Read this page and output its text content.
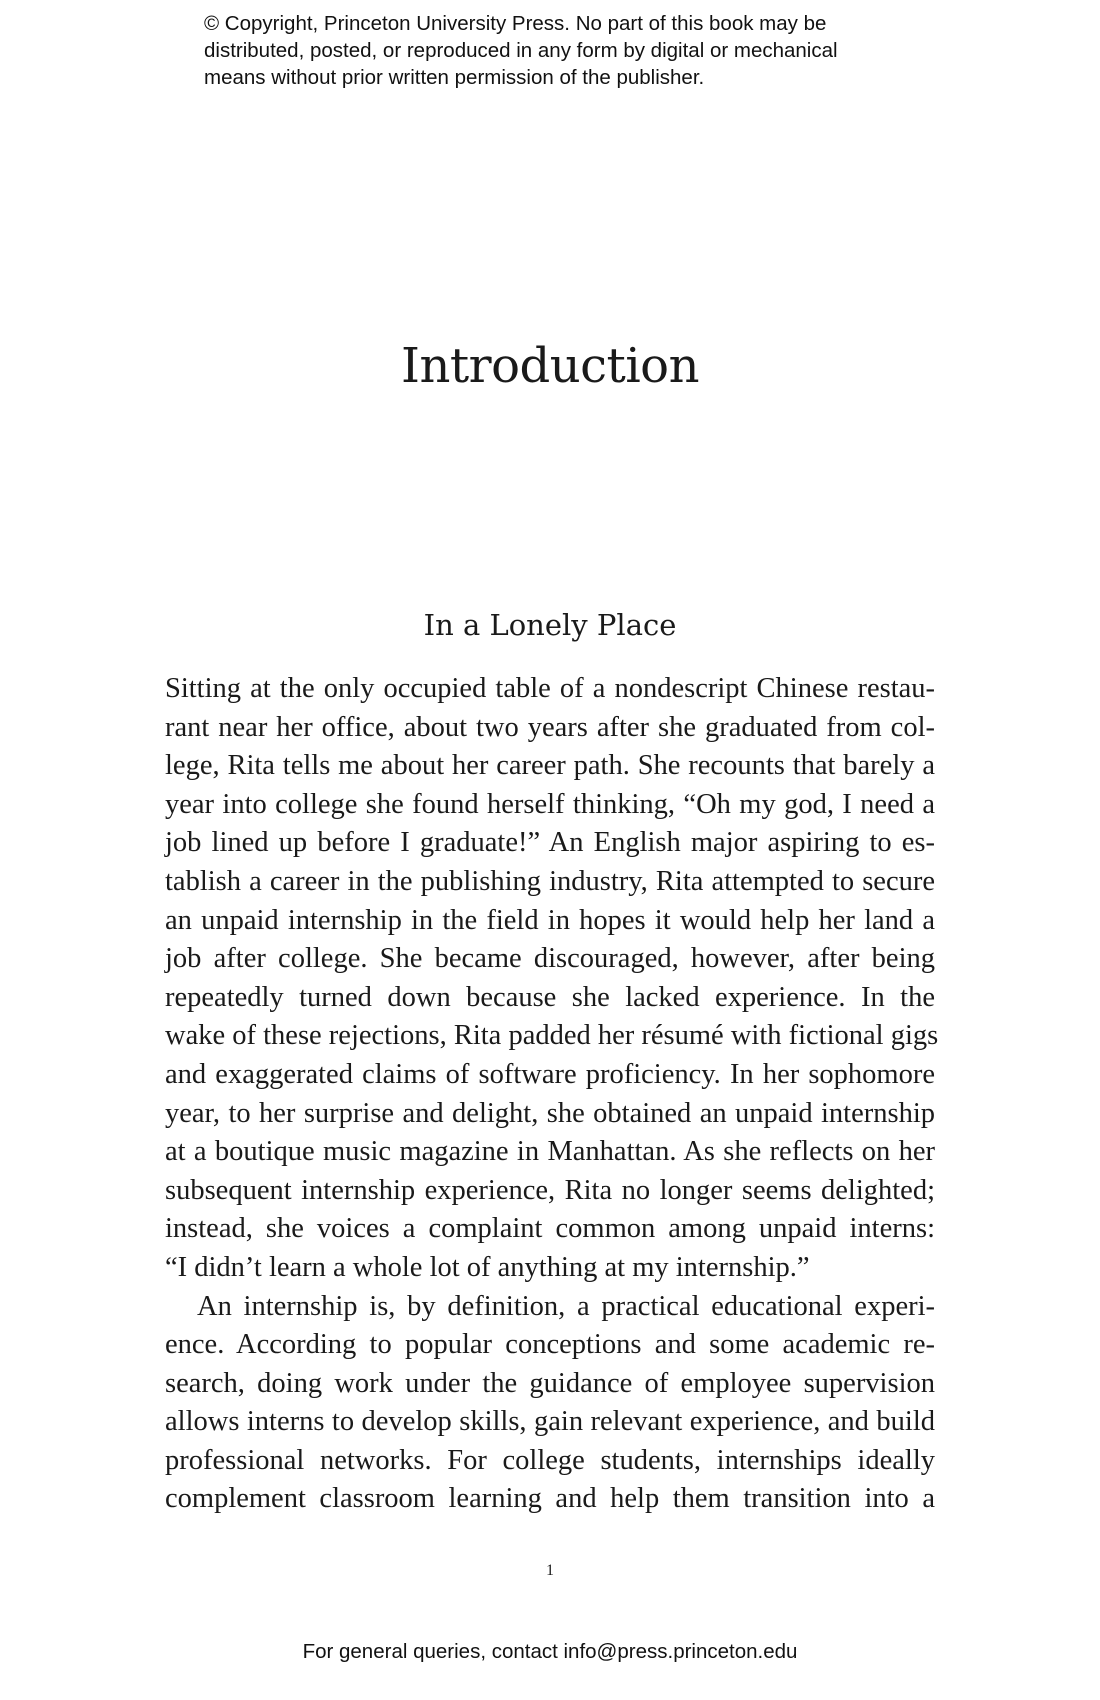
© Copyright, Princeton University Press. No part of this book may be
distributed, posted, or reproduced in any form by digital or mechanical
means without prior written permission of the publisher.
Introduction
In a Lonely Place
Sitting at the only occupied table of a nondescript Chinese restau-
rant near her office, about two years after she graduated from col-
lege, Rita tells me about her career path. She recounts that barely a
year into college she found herself thinking, “Oh my god, I need a
job lined up before I graduate!” An English major aspiring to es-
tablish a career in the publishing industry, Rita attempted to secure
an unpaid internship in the field in hopes it would help her land a
job after college. She became discouraged, however, after being
repeatedly turned down because she lacked experience. In the
wake of these rejections, Rita padded her résumé with fictional gigs
and exaggerated claims of software proficiency. In her sophomore
year, to her surprise and delight, she obtained an unpaid internship
at a boutique music magazine in Manhattan. As she reflects on her
subsequent internship experience, Rita no longer seems delighted;
instead, she voices a complaint common among unpaid interns:
“I didn’t learn a whole lot of anything at my internship.”
An internship is, by definition, a practical educational experi-
ence. According to popular conceptions and some academic re-
search, doing work under the guidance of employee supervision
allows interns to develop skills, gain relevant experience, and build
professional networks. For college students, internships ideally
complement classroom learning and help them transition into a
1
For general queries, contact info@press.princeton.edu
